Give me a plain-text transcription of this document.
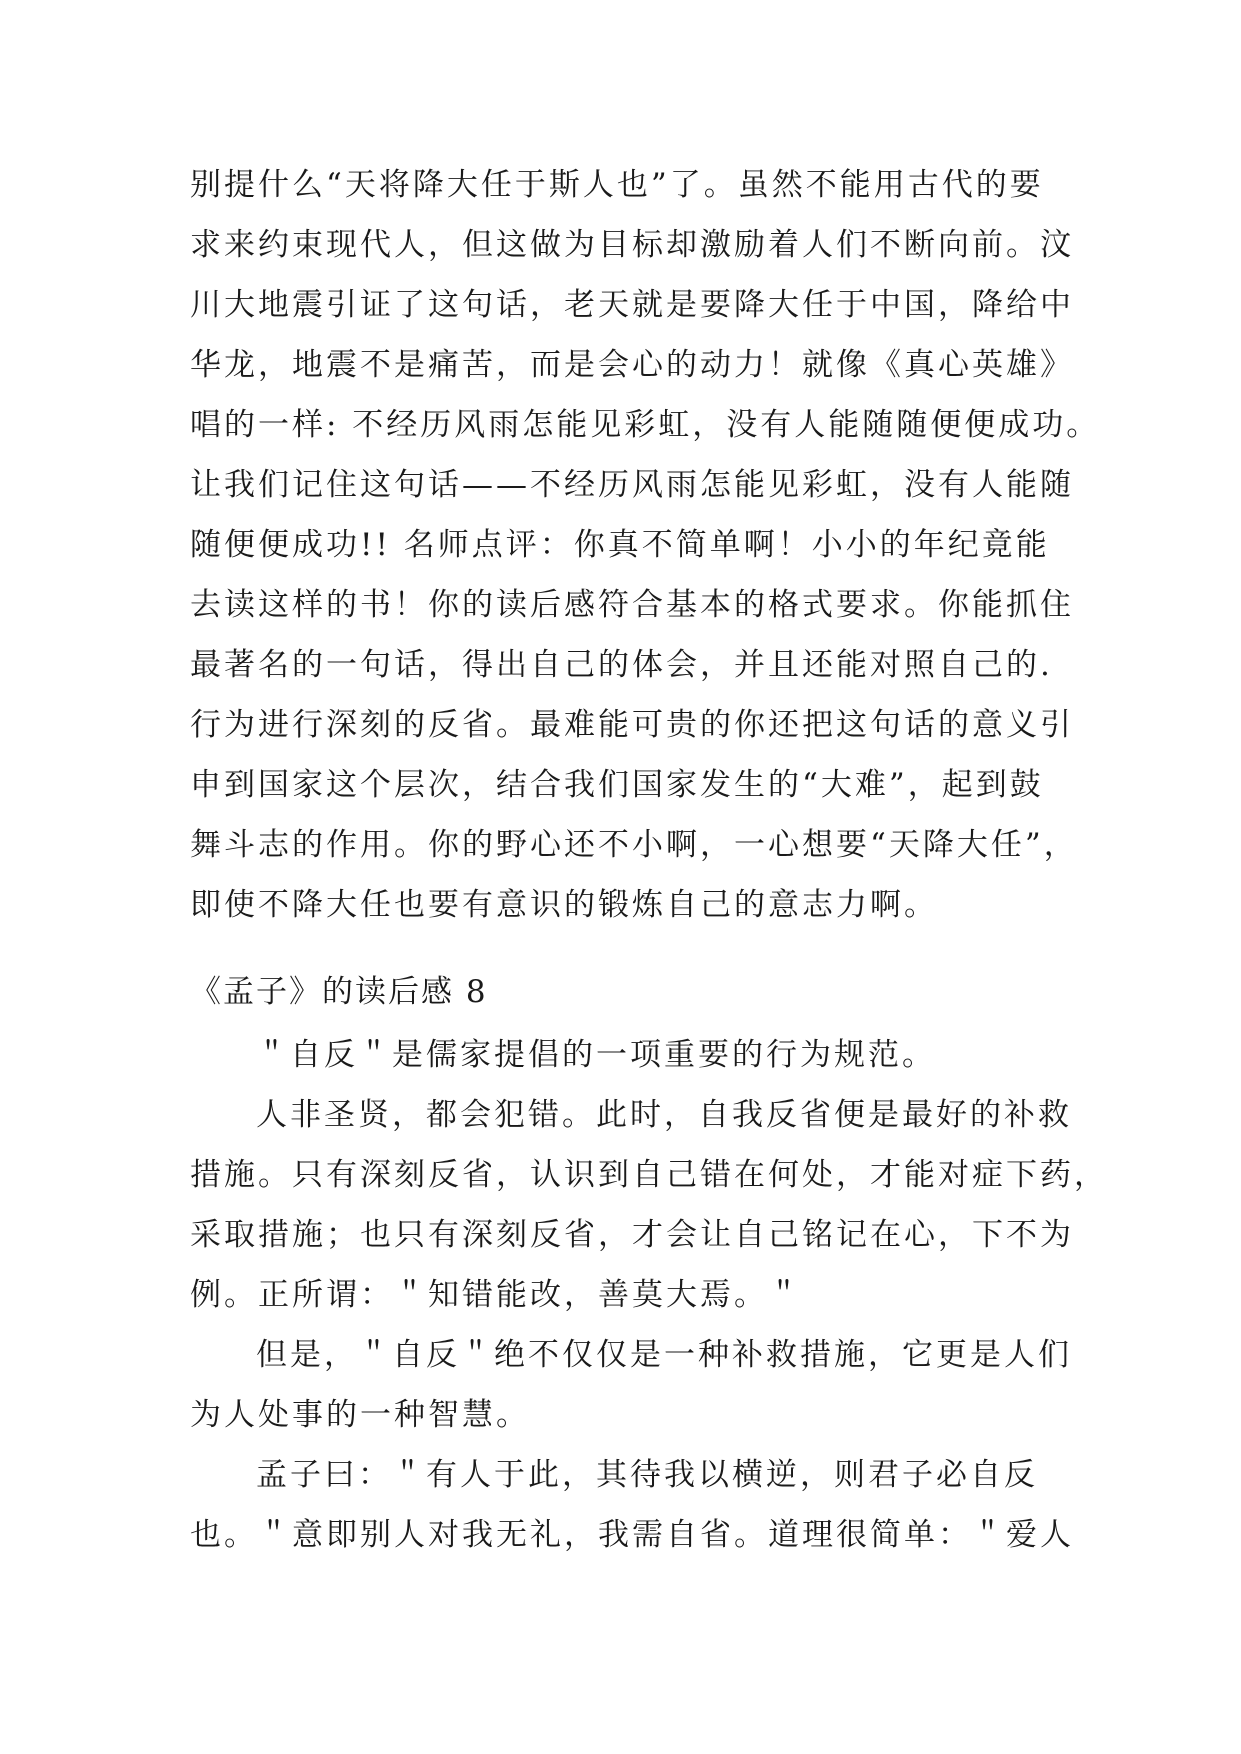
别提什么“天将降大任于斯人也”了。虽然不能用古代的要
求来约束现代人，但这做为目标却激励着人们不断向前。汶
川大地震引证了这句话，老天就是要降大任于中国，降给中
华龙，地震不是痛苦，而是会心的动力！就像《真心英雄》
唱的一样: 不经历风雨怎能见彩虹，没有人能随随便便成功。
让我们记住这句话——不经历风雨怎能见彩虹，没有人能随
随便便成功!! 名师点评：你真不简单啊！小小的年纪竟能
去读这样的书！你的读后感符合基本的格式要求。你能抓住
最著名的一句话，得出自己的体会，并且还能对照自己的.
行为进行深刻的反省。最难能可贵的你还把这句话的意义引
申到国家这个层次，结合我们国家发生的“大难”，起到鼓
舞斗志的作用。你的野心还不小啊，一心想要“天降大任”，
即使不降大任也要有意识的锻炼自己的意志力啊。
《孟子》的读后感 8
＂自反＂是儒家提倡的一项重要的行为规范。
人非圣贤，都会犯错。此时，自我反省便是最好的补救
措施。只有深刻反省，认识到自己错在何处，才能对症下药，
采取措施；也只有深刻反省，才会让自己铭记在心，下不为
例。正所谓：＂知错能改，善莫大焉。＂
但是，＂自反＂绝不仅仅是一种补救措施，它更是人们
为人处事的一种智慧。
孟子曰：＂有人于此，其待我以横逆，则君子必自反
也。＂意即别人对我无礼，我需自省。道理很简单：＂爱人
